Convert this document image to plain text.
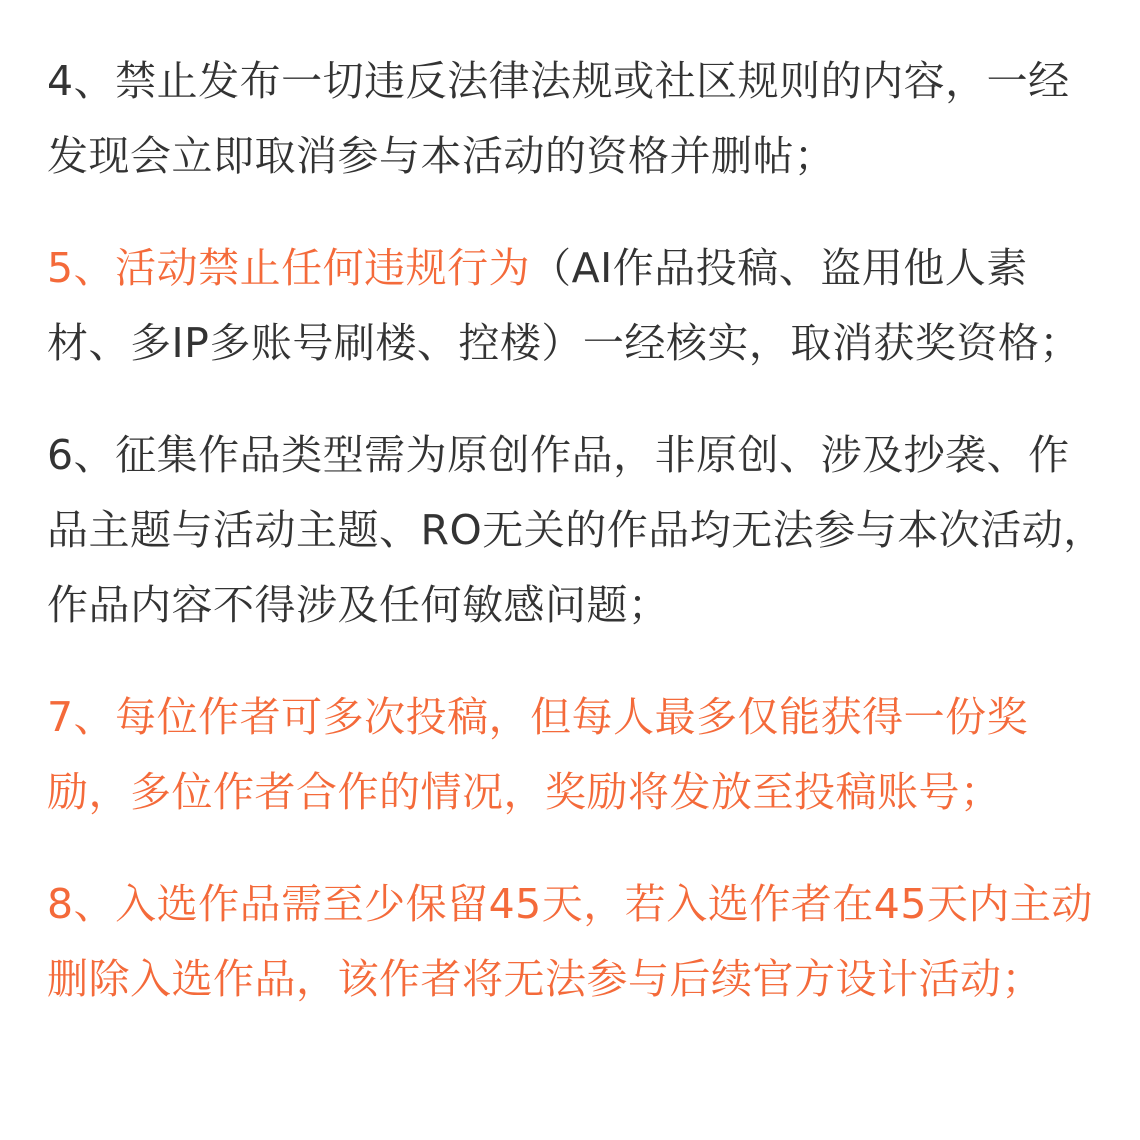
4、禁止发布一切违反法律法规或社区规则的内容，一经发现会立即取消参与本活动的资格并删帖；

5、活动禁止任何违规行为（AI作品投稿、盗用他人素材、多IP多账号刷楼、控楼）一经核实，取消获奖资格；

6、征集作品类型需为原创作品，非原创、涉及抄袭、作品主题与活动主题、RO无关的作品均无法参与本次活动，作品内容不得涉及任何敏感问题；

7、每位作者可多次投稿，但每人最多仅能获得一份奖励，多位作者合作的情况，奖励将发放至投稿账号；

8、入选作品需至少保留45天，若入选作者在45天内主动删除入选作品，该作者将无法参与后续官方设计活动；
